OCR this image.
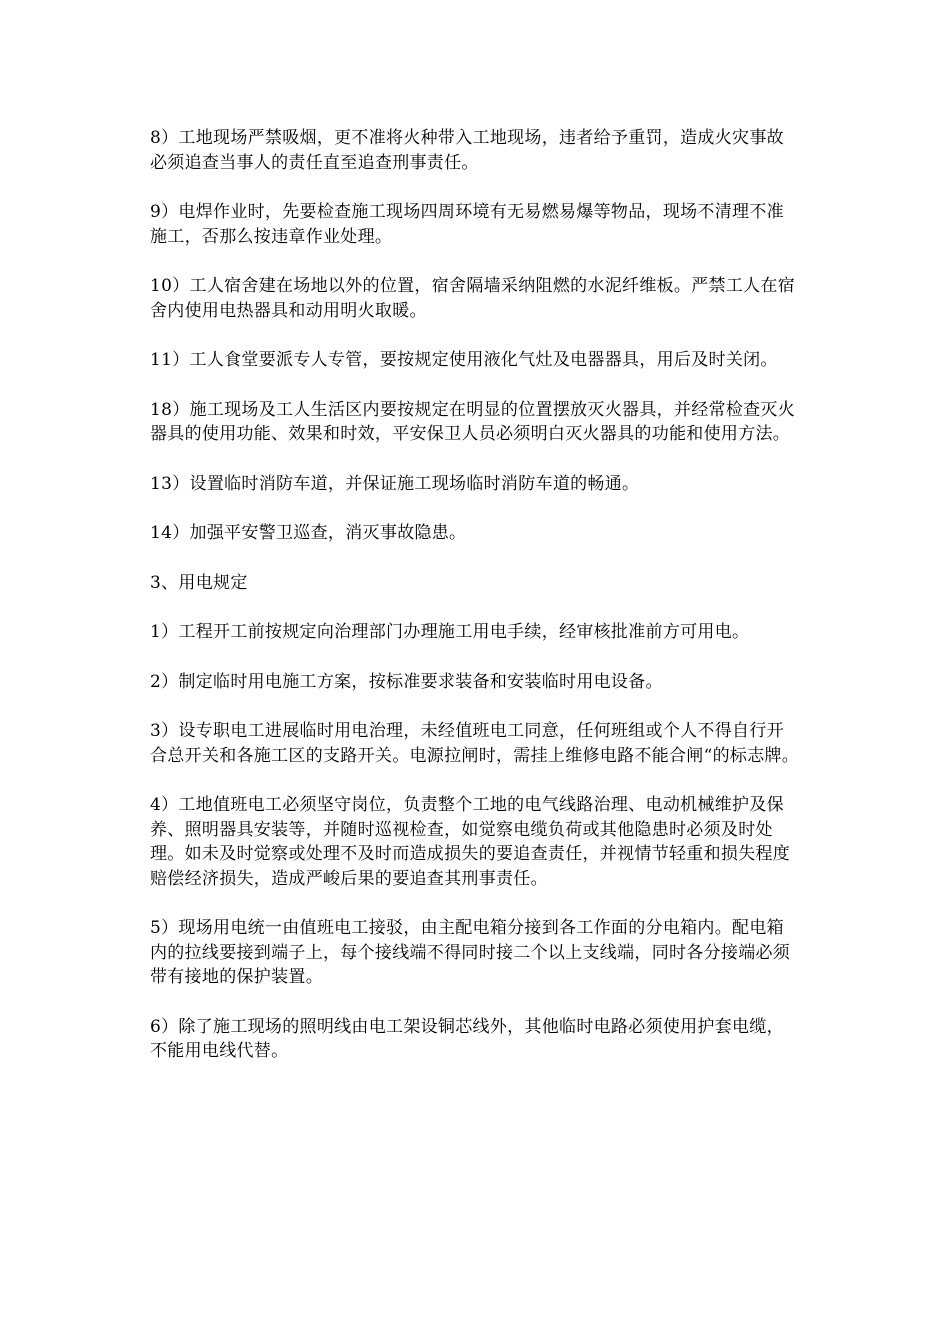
8）工地现场严禁吸烟，更不准将火种带入工地现场，违者给予重罚，造成火灾事故必须追查当事人的责任直至追查刑事责任。

9）电焊作业时，先要检查施工现场四周环境有无易燃易爆等物品，现场不清理不准施工，否那么按违章作业处理。

10）工人宿舍建在场地以外的位置，宿舍隔墙采纳阻燃的水泥纤维板。严禁工人在宿舍内使用电热器具和动用明火取暖。

11）工人食堂要派专人专管，要按规定使用液化气灶及电器器具，用后及时关闭。

18）施工现场及工人生活区内要按规定在明显的位置摆放灭火器具，并经常检查灭火器具的使用功能、效果和时效，平安保卫人员必须明白灭火器具的功能和使用方法。

13）设置临时消防车道，并保证施工现场临时消防车道的畅通。

14）加强平安警卫巡查，消灭事故隐患。

3、用电规定

1）工程开工前按规定向治理部门办理施工用电手续，经审核批准前方可用电。

2）制定临时用电施工方案，按标准要求装备和安装临时用电设备。

3）设专职电工进展临时用电治理，未经值班电工同意，任何班组或个人不得自行开合总开关和各施工区的支路开关。电源拉闸时，需挂上维修电路不能合闸“的标志牌。

4）工地值班电工必须坚守岗位，负责整个工地的电气线路治理、电动机械维护及保养、照明器具安装等，并随时巡视检查，如觉察电缆负荷或其他隐患时必须及时处理。如未及时觉察或处理不及时而造成损失的要追查责任，并视情节轻重和损失程度赔偿经济损失，造成严峻后果的要追查其刑事责任。

5）现场用电统一由值班电工接驳，由主配电箱分接到各工作面的分电箱内。配电箱内的拉线要接到端子上，每个接线端不得同时接二个以上支线端，同时各分接端必须带有接地的保护装置。

6）除了施工现场的照明线由电工架设铜芯线外，其他临时电路必须使用护套电缆，不能用电线代替。
